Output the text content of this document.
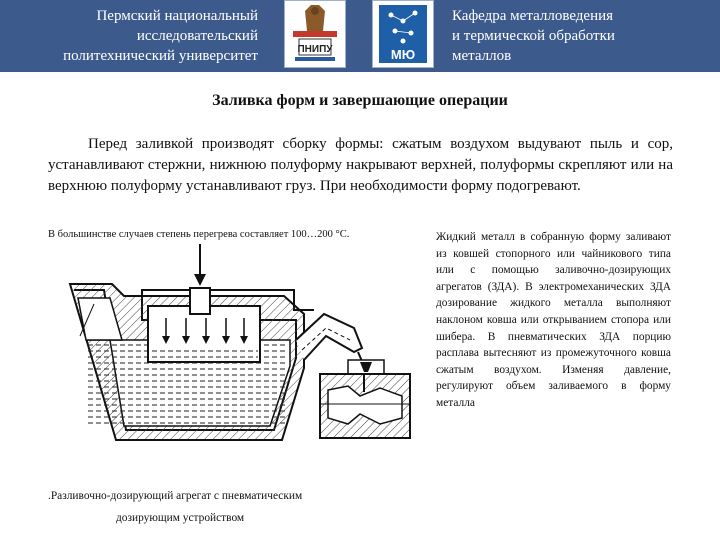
Пермский национальный
исследовательский
политехнический университет	ПНИПУ	МЮ
Кафедра металловедения
и термической обработки
металлов
Заливка форм и завершающие операции
Перед заливкой производят сборку формы: сжатым воздухом выдувают пыль и сор, устанавливают стержни, нижнюю полуформу накрывают верхней, полуформы скрепляют или на верхнюю полуформу устанавливают груз. При необходимости форму подогревают.
В большинстве случаев степень перегрева составляет 100…200 °С.	Жидкий металл в собранную форму заливают из ковшей стопорного или чайникового типа или с помощью заливочно-дозирующих агрегатов (ЗДА). В электромеханических ЗДА дозирование жидкого металла выполняют наклоном ковша или открыванием стопора или шибера. В пневматических ЗДА порцию расплава вытесняют из промежуточного ковша сжатым воздухом. Изменяя давление, регулируют объем заливаемого в форму металла
.Разливочно-дозирующий агрегат с пневматическим
дозирующим устройством
